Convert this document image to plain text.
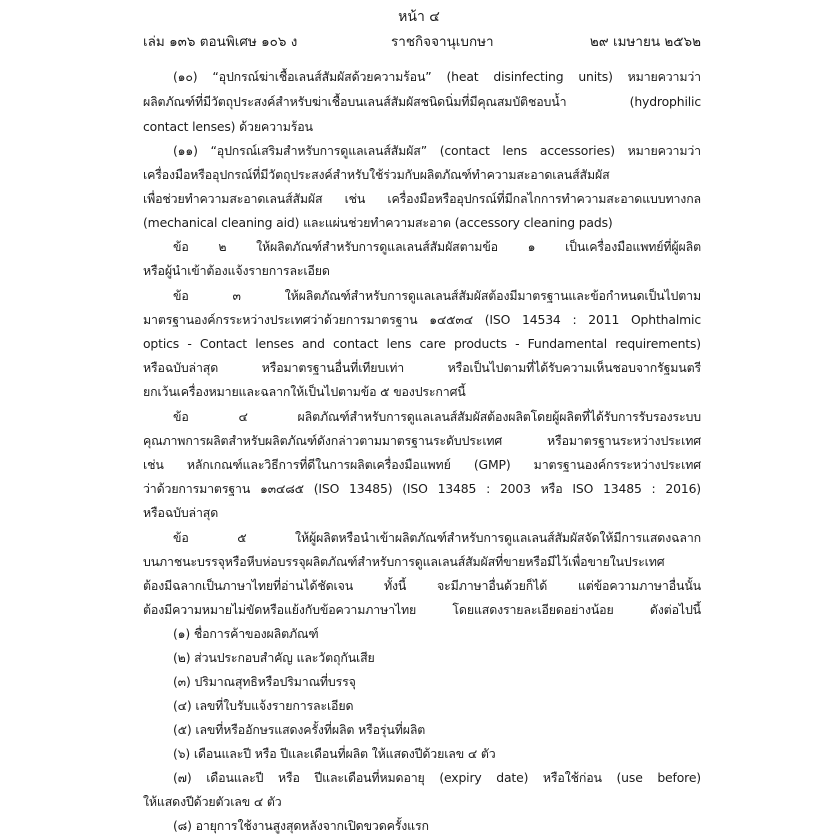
หน้า ๔
เล่ม ๑๓๖ ตอนพิเศษ ๑๐๖ ง	ราชกิจจานุเบกษา	๒๙ เมษายน ๒๕๖๒
(๑๐) “อุปกรณ์ฆ่าเชื้อเลนส์สัมผัสด้วยความร้อน” (heat disinfecting units) หมายความว่า
ผลิตภัณฑ์ที่มีวัตถุประสงค์สำหรับฆ่าเชื้อบนเลนส์สัมผัสชนิดนิ่มที่มีคุณสมบัติชอบน้ำ (hydrophilic
contact lenses) ด้วยความร้อน
(๑๑) “อุปกรณ์เสริมสำหรับการดูแลเลนส์สัมผัส” (contact lens accessories) หมายความว่า
เครื่องมือหรืออุปกรณ์ที่มีวัตถุประสงค์สำหรับใช้ร่วมกับผลิตภัณฑ์ทำความสะอาดเลนส์สัมผัส
เพื่อช่วยทำความสะอาดเลนส์สัมผัส เช่น เครื่องมือหรืออุปกรณ์ที่มีกลไกการทำความสะอาดแบบทางกล
(mechanical cleaning aid) และแผ่นช่วยทำความสะอาด (accessory cleaning pads)
ข้อ ๒ ให้ผลิตภัณฑ์สำหรับการดูแลเลนส์สัมผัสตามข้อ ๑ เป็นเครื่องมือแพทย์ที่ผู้ผลิต
หรือผู้นำเข้าต้องแจ้งรายการละเอียด
ข้อ ๓ ให้ผลิตภัณฑ์สำหรับการดูแลเลนส์สัมผัสต้องมีมาตรฐานและข้อกำหนดเป็นไปตาม
มาตรฐานองค์กรระหว่างประเทศว่าด้วยการมาตรฐาน ๑๔๕๓๔ (ISO 14534 : 2011 Ophthalmic
optics - Contact lenses and contact lens care products - Fundamental requirements)
หรือฉบับล่าสุด หรือมาตรฐานอื่นที่เทียบเท่า หรือเป็นไปตามที่ได้รับความเห็นชอบจากรัฐมนตรี
ยกเว้นเครื่องหมายและฉลากให้เป็นไปตามข้อ ๕ ของประกาศนี้
ข้อ ๔ ผลิตภัณฑ์สำหรับการดูแลเลนส์สัมผัสต้องผลิตโดยผู้ผลิตที่ได้รับการรับรองระบบ
คุณภาพการผลิตสำหรับผลิตภัณฑ์ดังกล่าวตามมาตรฐานระดับประเทศ หรือมาตรฐานระหว่างประเทศ
เช่น หลักเกณฑ์และวิธีการที่ดีในการผลิตเครื่องมือแพทย์ (GMP) มาตรฐานองค์กรระหว่างประเทศ
ว่าด้วยการมาตรฐาน ๑๓๔๘๕ (ISO 13485) (ISO 13485 : 2003 หรือ ISO 13485 : 2016)
หรือฉบับล่าสุด
ข้อ ๕ ให้ผู้ผลิตหรือนำเข้าผลิตภัณฑ์สำหรับการดูแลเลนส์สัมผัสจัดให้มีการแสดงฉลาก
บนภาชนะบรรจุหรือหีบห่อบรรจุผลิตภัณฑ์สำหรับการดูแลเลนส์สัมผัสที่ขายหรือมีไว้เพื่อขายในประเทศ
ต้องมีฉลากเป็นภาษาไทยที่อ่านได้ชัดเจน ทั้งนี้ จะมีภาษาอื่นด้วยก็ได้ แต่ข้อความภาษาอื่นนั้น
ต้องมีความหมายไม่ขัดหรือแย้งกับข้อความภาษาไทย โดยแสดงรายละเอียดอย่างน้อย ดังต่อไปนี้
(๑) ชื่อการค้าของผลิตภัณฑ์
(๒) ส่วนประกอบสำคัญ และวัตถุกันเสีย
(๓) ปริมาณสุทธิหรือปริมาณที่บรรจุ
(๔) เลขที่ใบรับแจ้งรายการละเอียด
(๕) เลขที่หรืออักษรแสดงครั้งที่ผลิต หรือรุ่นที่ผลิต
(๖) เดือนและปี หรือ ปีและเดือนที่ผลิต ให้แสดงปีด้วยเลข ๔ ตัว
(๗) เดือนและปี หรือ ปีและเดือนที่หมดอายุ (expiry date) หรือใช้ก่อน (use before)
ให้แสดงปีด้วยตัวเลข ๔ ตัว
(๘) อายุการใช้งานสูงสุดหลังจากเปิดขวดครั้งแรก
